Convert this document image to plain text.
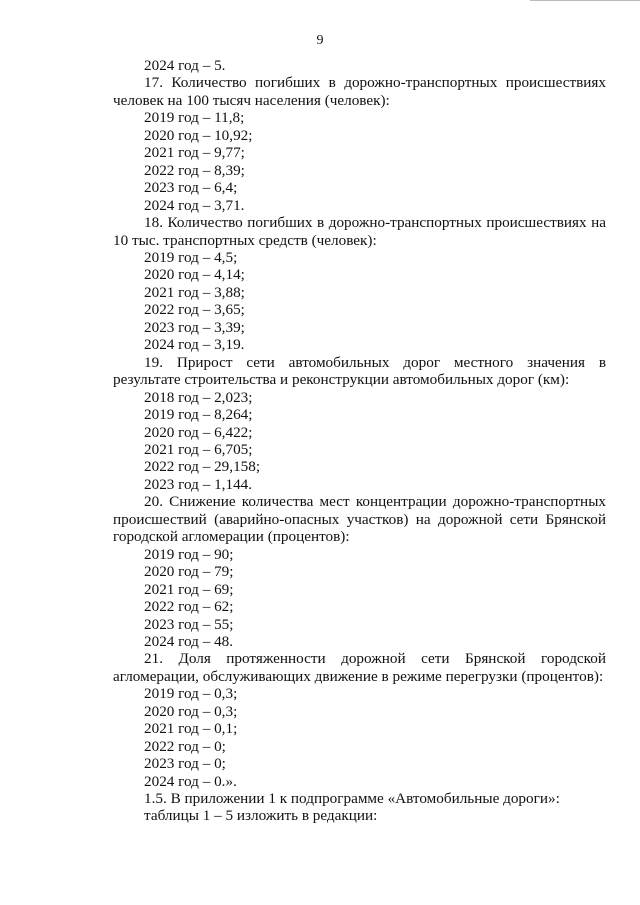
9
2024 год – 5.
17. Количество погибших в дорожно-транспортных происшествиях человек на 100 тысяч населения (человек):
2019 год – 11,8;
2020 год – 10,92;
2021 год – 9,77;
2022 год – 8,39;
2023 год – 6,4;
2024 год – 3,71.
18. Количество погибших в дорожно-транспортных происшествиях на 10 тыс. транспортных средств (человек):
2019 год – 4,5;
2020 год – 4,14;
2021 год – 3,88;
2022 год – 3,65;
2023 год – 3,39;
2024 год – 3,19.
19. Прирост сети автомобильных дорог местного значения в результате строительства и реконструкции автомобильных дорог (км):
2018 год – 2,023;
2019 год – 8,264;
2020 год – 6,422;
2021 год – 6,705;
2022 год – 29,158;
2023 год – 1,144.
20. Снижение количества мест концентрации дорожно-транспортных происшествий (аварийно-опасных участков) на дорожной сети Брянской городской агломерации (процентов):
2019 год – 90;
2020 год – 79;
2021 год – 69;
2022 год – 62;
2023 год – 55;
2024 год – 48.
21. Доля протяженности дорожной сети Брянской городской агломерации, обслуживающих движение в режиме перегрузки (процентов):
2019 год – 0,3;
2020 год – 0,3;
2021 год – 0,1;
2022 год – 0;
2023 год – 0;
2024 год – 0.».
1.5. В приложении 1 к подпрограмме «Автомобильные дороги»:
таблицы 1 – 5 изложить в редакции:
